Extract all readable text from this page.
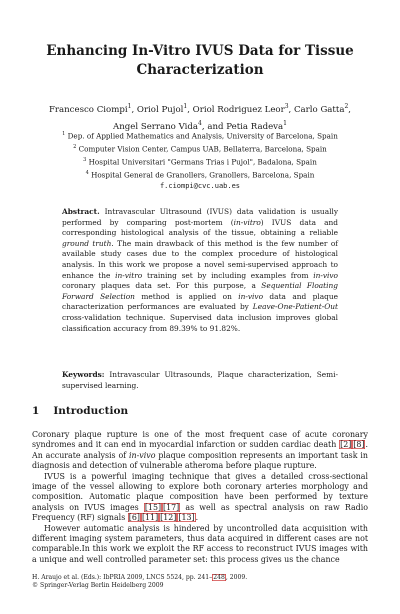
Enhancing In-Vitro IVUS Data for Tissue
Characterization
Francesco Ciompi$^1$, Oriol Pujol$^1$, Oriol Rodriguez Leor$^3$, Carlo Gatta$^2$,
Angel Serrano Vida$^4$, and Petia Radeva$^1$
$^1$ Dep. of Applied Mathematics and Analysis, University of Barcelona, Spain
$^2$ Computer Vision Center, Campus UAB, Bellaterra, Barcelona, Spain
$^3$ Hospital Universitari "Germans Trias i Pujol", Badalona, Spain
$^4$ Hospital General de Granollers, Granollers, Barcelona, Spain
f.ciompi@cvc.uab.es
Abstract. Intravascular Ultrasound (IVUS) data validation is usually performed by comparing post-mortem (in-vitro) IVUS data and corresponding histological analysis of the tissue, obtaining a reliable ground truth. The main drawback of this method is the few number of available study cases due to the complex procedure of histological analysis. In this work we propose a novel semi-supervised approach to enhance the in-vitro training set by including examples from in-vivo coronary plaques data set. For this purpose, a Sequential Floating Forward Selection method is applied on in-vivo data and plaque characterization performances are evaluated by Leave-One-Patient-Out cross-validation technique. Supervised data inclusion improves global classification accuracy from 89.39% to 91.82%.
Keywords: Intravascular Ultrasounds, Plaque characterization, Semi-supervised learning.
1 Introduction

Coronary plaque rupture is one of the most frequent case of acute coronary syndromes and it can end in myocardial infarction or sudden cardiac death [2] [8]. An accurate analysis of in-vivo plaque composition represents an important task in diagnosis and detection of vulnerable atheroma before plaque rupture.

IVUS is a powerful imaging technique that gives a detailed cross-sectional image of the vessel allowing to explore both coronary arteries morphology and composition. Automatic plaque composition have been performed by texture analysis on IVUS images [15] [17] as well as spectral analysis on raw Radio Frequency (RF) signals [6] [11] [12] [13].

However automatic analysis is hindered by uncontrolled data acquisition with different imaging system parameters, thus data acquired in different cases are not comparable.In this work we exploit the RF access to reconstruct IVUS images with a unique and well controlled parameter set: this process gives us the chance

H. Araujo et al. (Eds.): IbPRIA 2009, LNCS 5524, pp. 241–248, 2009.
© Springer-Verlag Berlin Heidelberg 2009
